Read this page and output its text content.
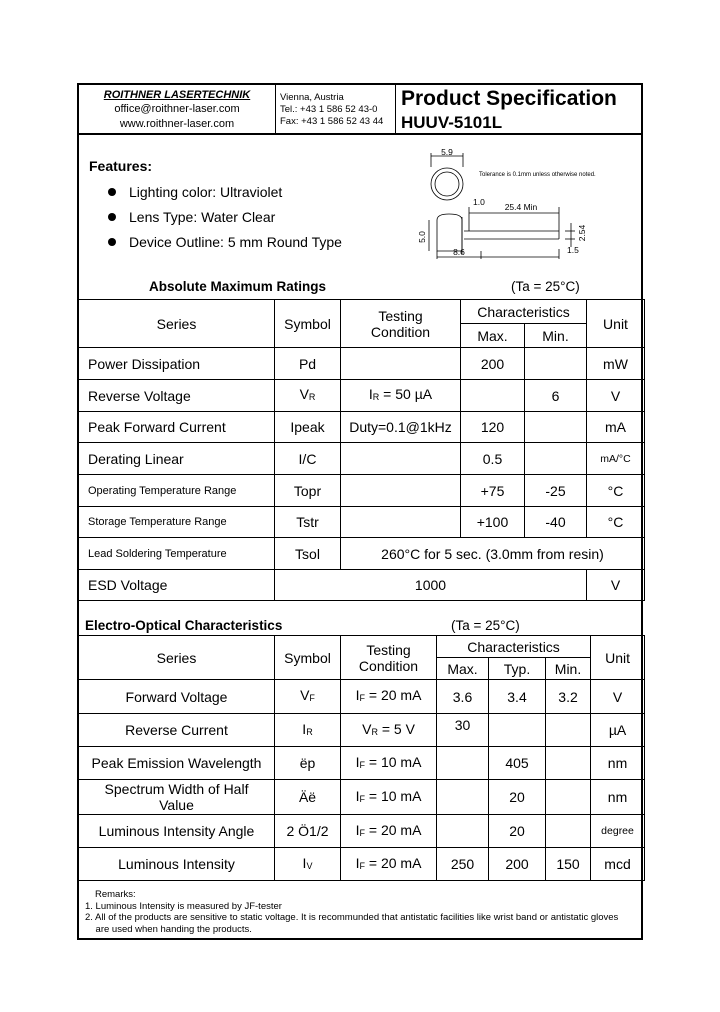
ROITHNER LASERTECHNIK
office@roithner-laser.com
www.roithner-laser.com
Vienna, Austria
Tel.: +43 1 586 52 43-0
Fax: +43 1 586 52 43 44
Product Specification
HUUV-5101L
Features:
Lighting color: Ultraviolet
Lens Type: Water Clear
Device Outline: 5 mm Round Type
5.9
Tolerance is 0.1mm unless otherwise noted.
5.0
8.6
1.0 25.4 Min
2.54
1.5
Absolute Maximum Ratings	(Ta = 25°C)
Series	Symbol	Testing
Condition	Characteristics		Unit
			Max.	Min.	
Power Dissipation	Pd		200		mW
Reverse Voltage	$V_R$	$I_R = 50$ µA		6	V
Peak Forward Current	Ipeak	Duty=0.1@1kHz	120		mA
Derating Linear	I/C		0.5		mA/°C
Operating Temperature Range	Topr		+75	-25	°C
Storage Temperature Range	Tstr		+100	-40	°C
Lead Soldering Temperature	Tsol	260°C for 5 sec. (3.0mm from resin)			
ESD Voltage	1000				V
Electro-Optical Characteristics	(Ta = 25°C)
Series	Symbol	Testing
Condition	Characteristics			Unit
			Max.	Typ.	Min.	
Forward Voltage	$V_F$	$I_F = 20$ mA	3.6	3.4	3.2	V
Reverse Current	$I_R$	$V_R = 5$ V	30			µA
Peak Emission Wavelength	ëp	$I_F = 10$ mA		405		nm
Spectrum Width of Half
Value	Äë	$I_F = 10$ mA		20		nm
Luminous Intensity Angle	2 Ö1/2	$I_F = 20$ mA		20		degree
Luminous Intensity	$I_V$	$I_F = 20$ mA	250	200	150	mcd
Remarks:
1. Luminous Intensity is measured by JF-tester
2. All of the products are sensitive to static voltage. It is recommunded that antistatic facilities like wrist band or antistatic gloves
are used when handing the products.
